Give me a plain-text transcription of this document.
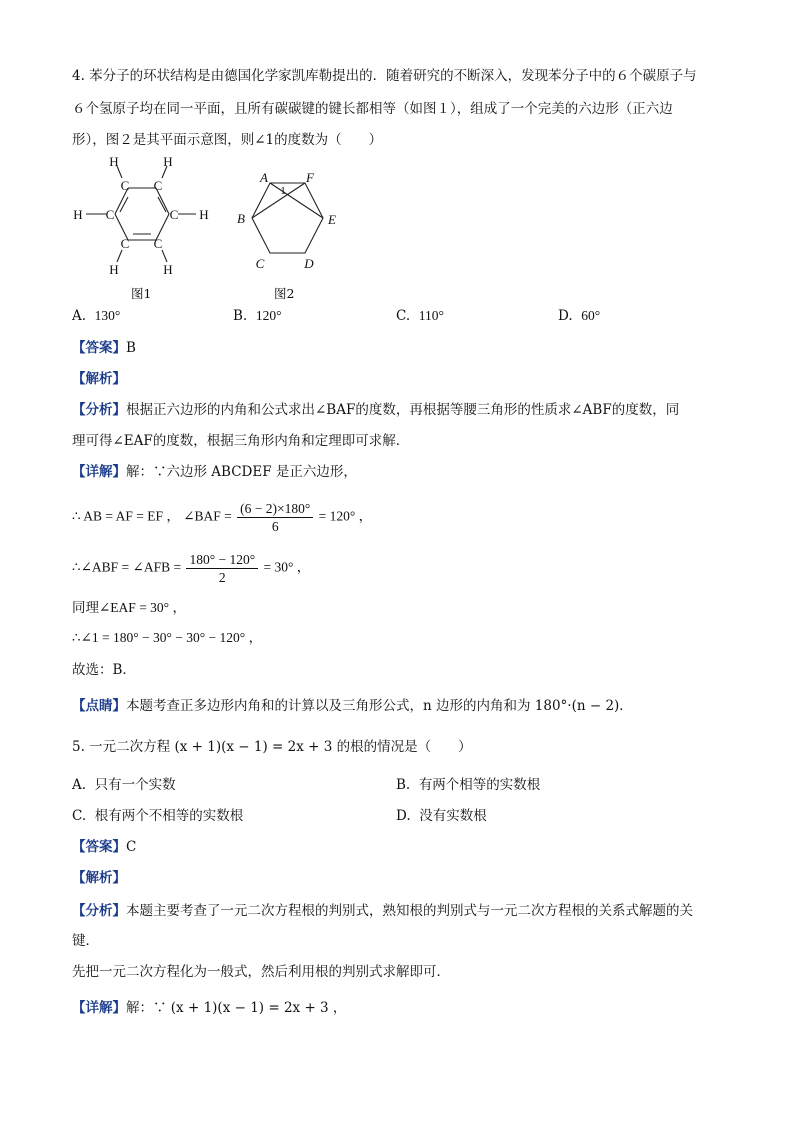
4. 苯分子的环状结构是由德国化学家凯库勒提出的．随着研究的不断深入，发现苯分子中的６个碳原子与
６个氢原子均在同一平面，且所有碳碳键的键长都相等（如图１），组成了一个完美的六边形（正六边
形），图２是其平面示意图，则∠1的度数为（　　）
H	H
C C
H C	C H
C C
H	H
图1
A	F
B	E
C	D
1
图2
A. 130°	B. 120°	C. 110°	D. 60°
【答案】B
【解析】
【分析】根据正六边形的内角和公式求出∠BAF的度数，再根据等腰三角形的性质求∠ABF的度数，同
理可得∠EAF的度数，根据三角形内角和定理即可求解．
【详解】解：∵六边形 ABCDEF 是正六边形，
∴ AB = AF = EF ， ∠BAF = $\frac{(6 - 2)\times 180^\circ}{6} = 120^\circ$ ，
∴∠ABF = ∠AFB = $\frac{180^\circ - 120^\circ}{2} = 30^\circ$ ，
同理∠EAF = 30° ，
∴∠1 = 180° − 30° − 30° − 120° ，
故选：B．
【点睛】本题考查正多边形内角和的计算以及三角形公式，n 边形的内角和为 180°·(n − 2)．
5. 一元二次方程 (x + 1)(x − 1) = 2x + 3 的根的情况是（　　）
A. 只有一个实数	B. 有两个相等的实数根
C. 根有两个不相等的实数根	D. 没有实数根
【答案】C
【解析】
【分析】本题主要考查了一元二次方程根的判别式，熟知根的判别式与一元二次方程根的关系式解题的关
键．
先把一元二次方程化为一般式，然后利用根的判别式求解即可．
【详解】解：∵ (x + 1)(x − 1) = 2x + 3 ，
